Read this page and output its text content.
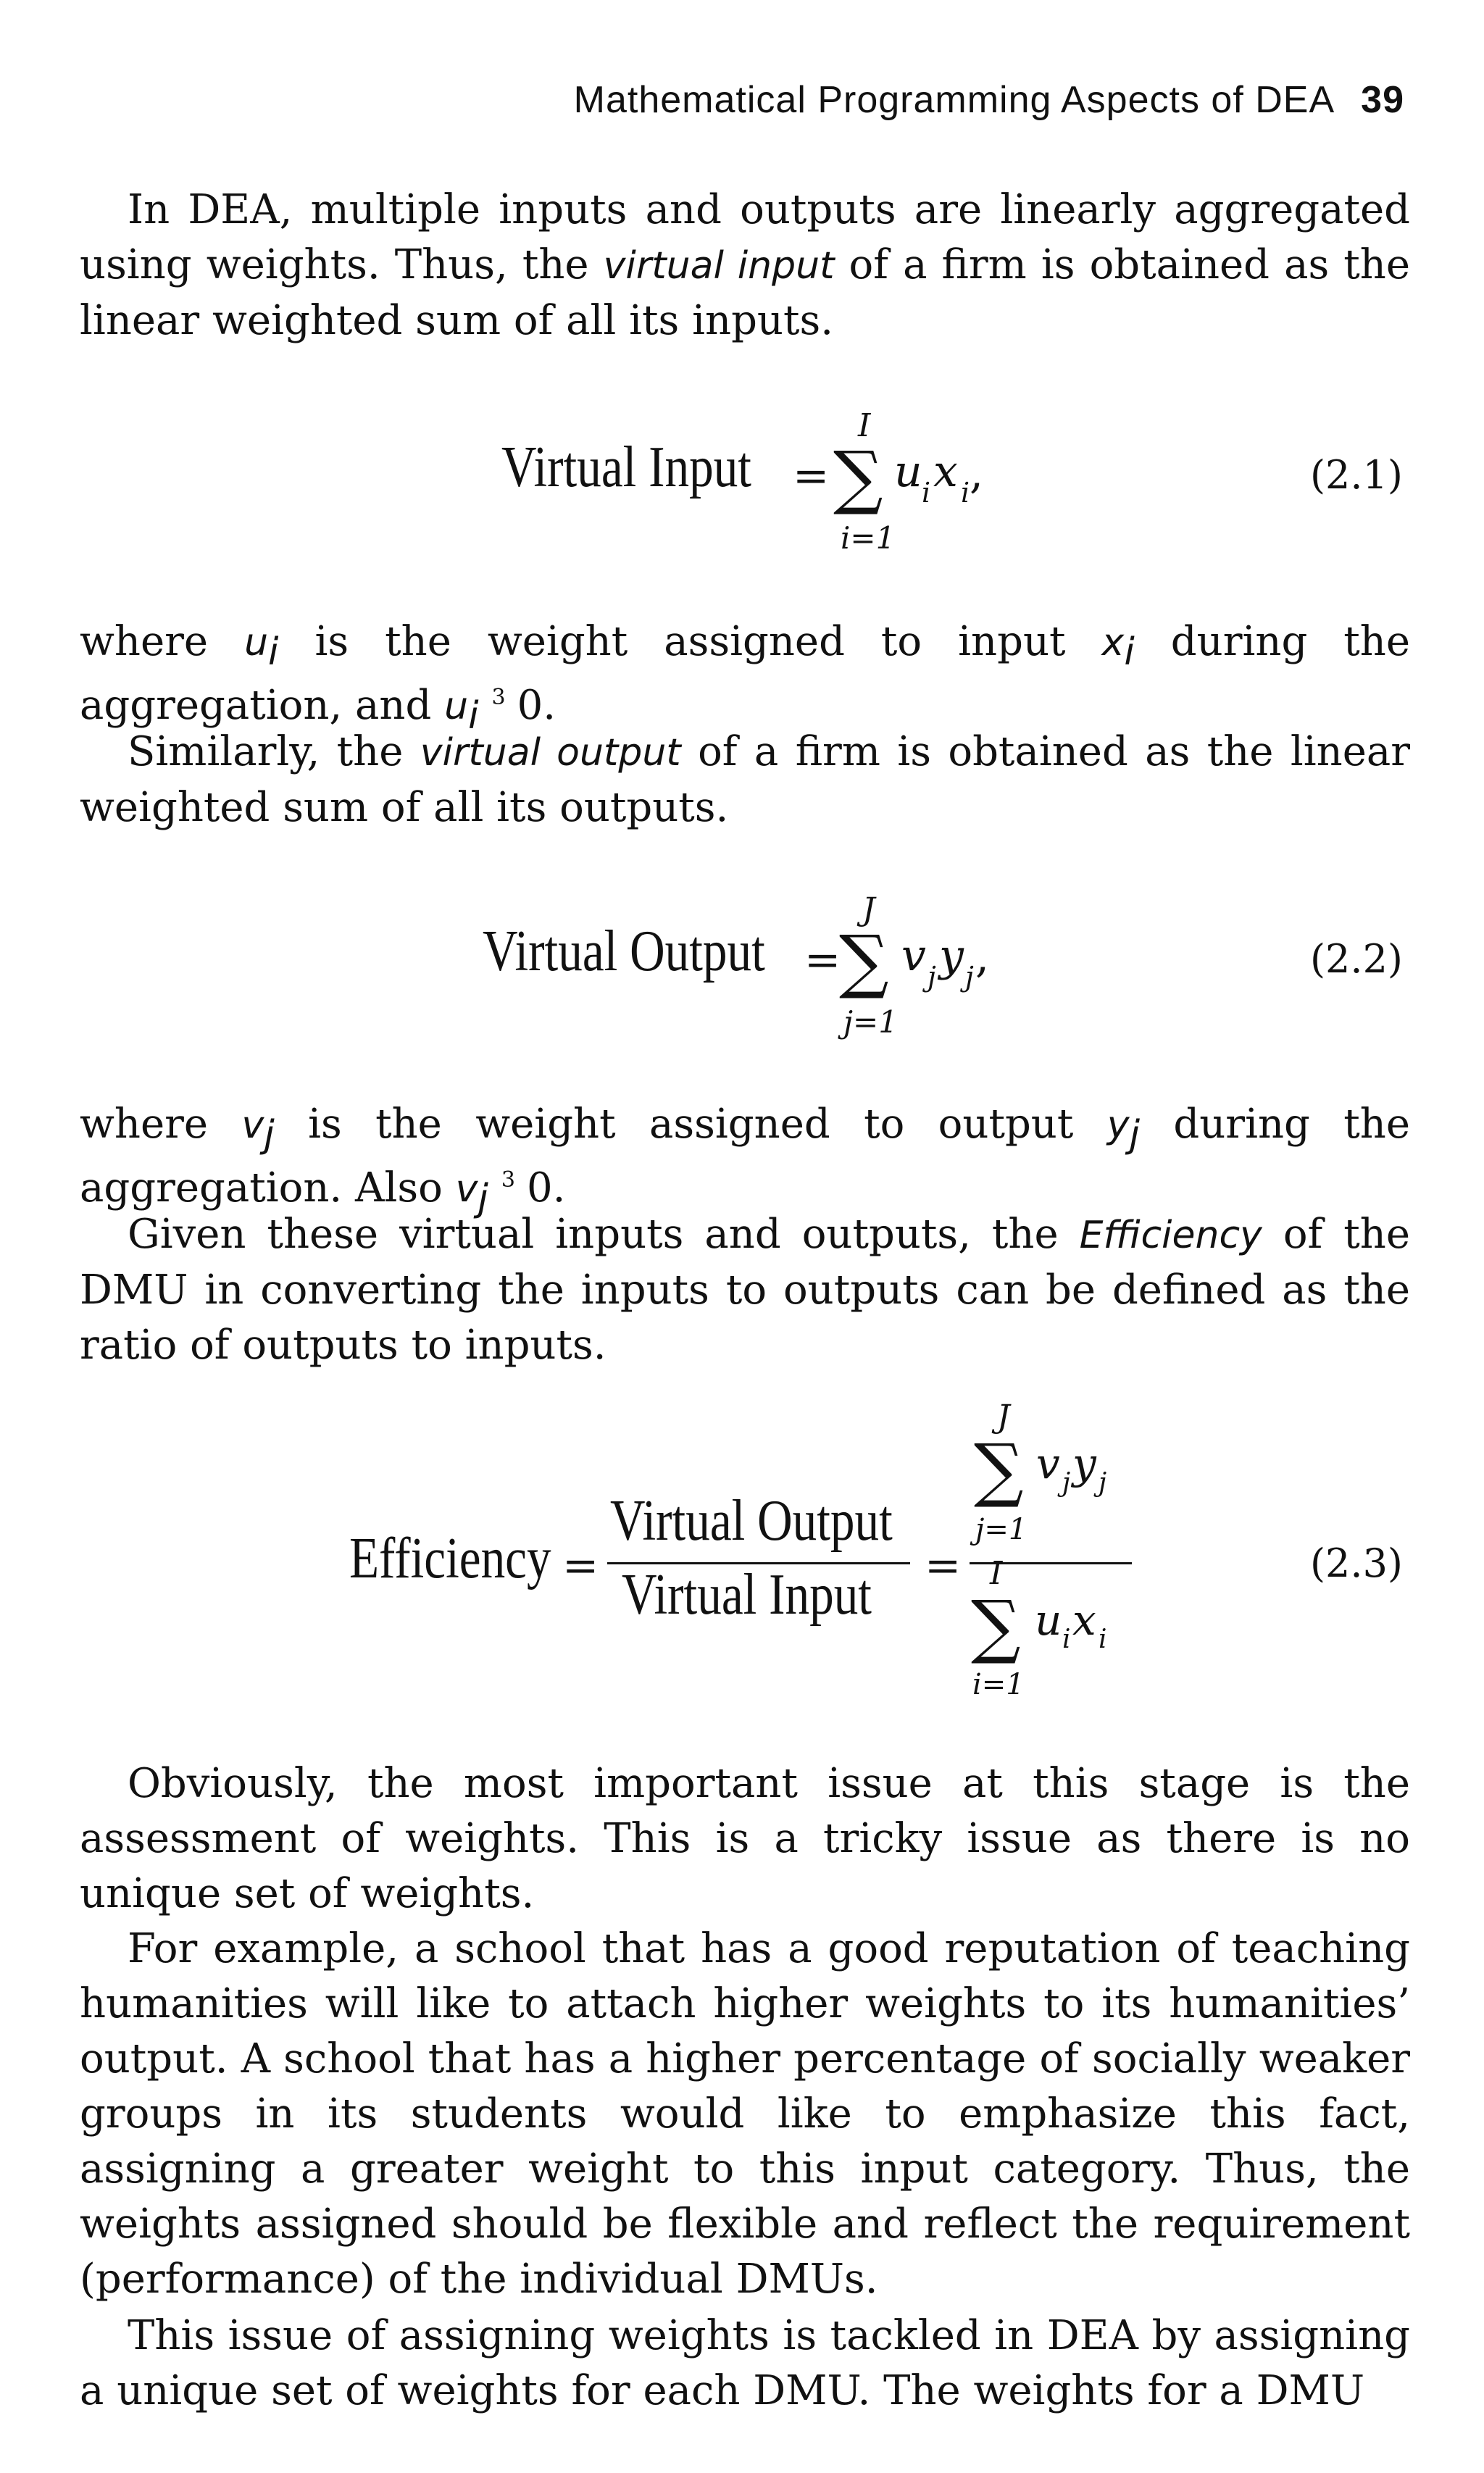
Mathematical Programming Aspects of DEA 39

In DEA, multiple inputs and outputs are linearly aggregated using weights. Thus, the virtual input of a firm is obtained as the linear weighted sum of all its inputs.

Virtual Input =
I
∑
i=1
u i x i ,	(2.1)

where $u_i$ is the weight assigned to input $x_i$ during the aggregation, and $u_i$ $^3$ 0.

Similarly, the virtual output of a firm is obtained as the linear weighted sum of all its outputs.

Virtual Output =
J
∑
j=1
v j y j ,	(2.2)

where $v_j$ is the weight assigned to output $y_j$ during the aggregation. Also $v_j$ $^3$ 0.

Given these virtual inputs and outputs, the Efficiency of the DMU in converting the inputs to outputs can be defined as the ratio of outputs to inputs.

Efficiency =
Virtual Output
Virtual Input =
J
∑
j=1
v j y j
I
∑
i=1
u i x i
(2.3)

Obviously, the most important issue at this stage is the assessment of weights. This is a tricky issue as there is no unique set of weights.

For example, a school that has a good reputation of teaching humanities will like to attach higher weights to its humanities’ output. A school that has a higher percentage of socially weaker groups in its students would like to emphasize this fact, assigning a greater weight to this input category. Thus, the weights assigned should be flexible and reflect the requirement (performance) of the individual DMUs.

This issue of assigning weights is tackled in DEA by assigning a unique set of weights for each DMU. The weights for a DMU
